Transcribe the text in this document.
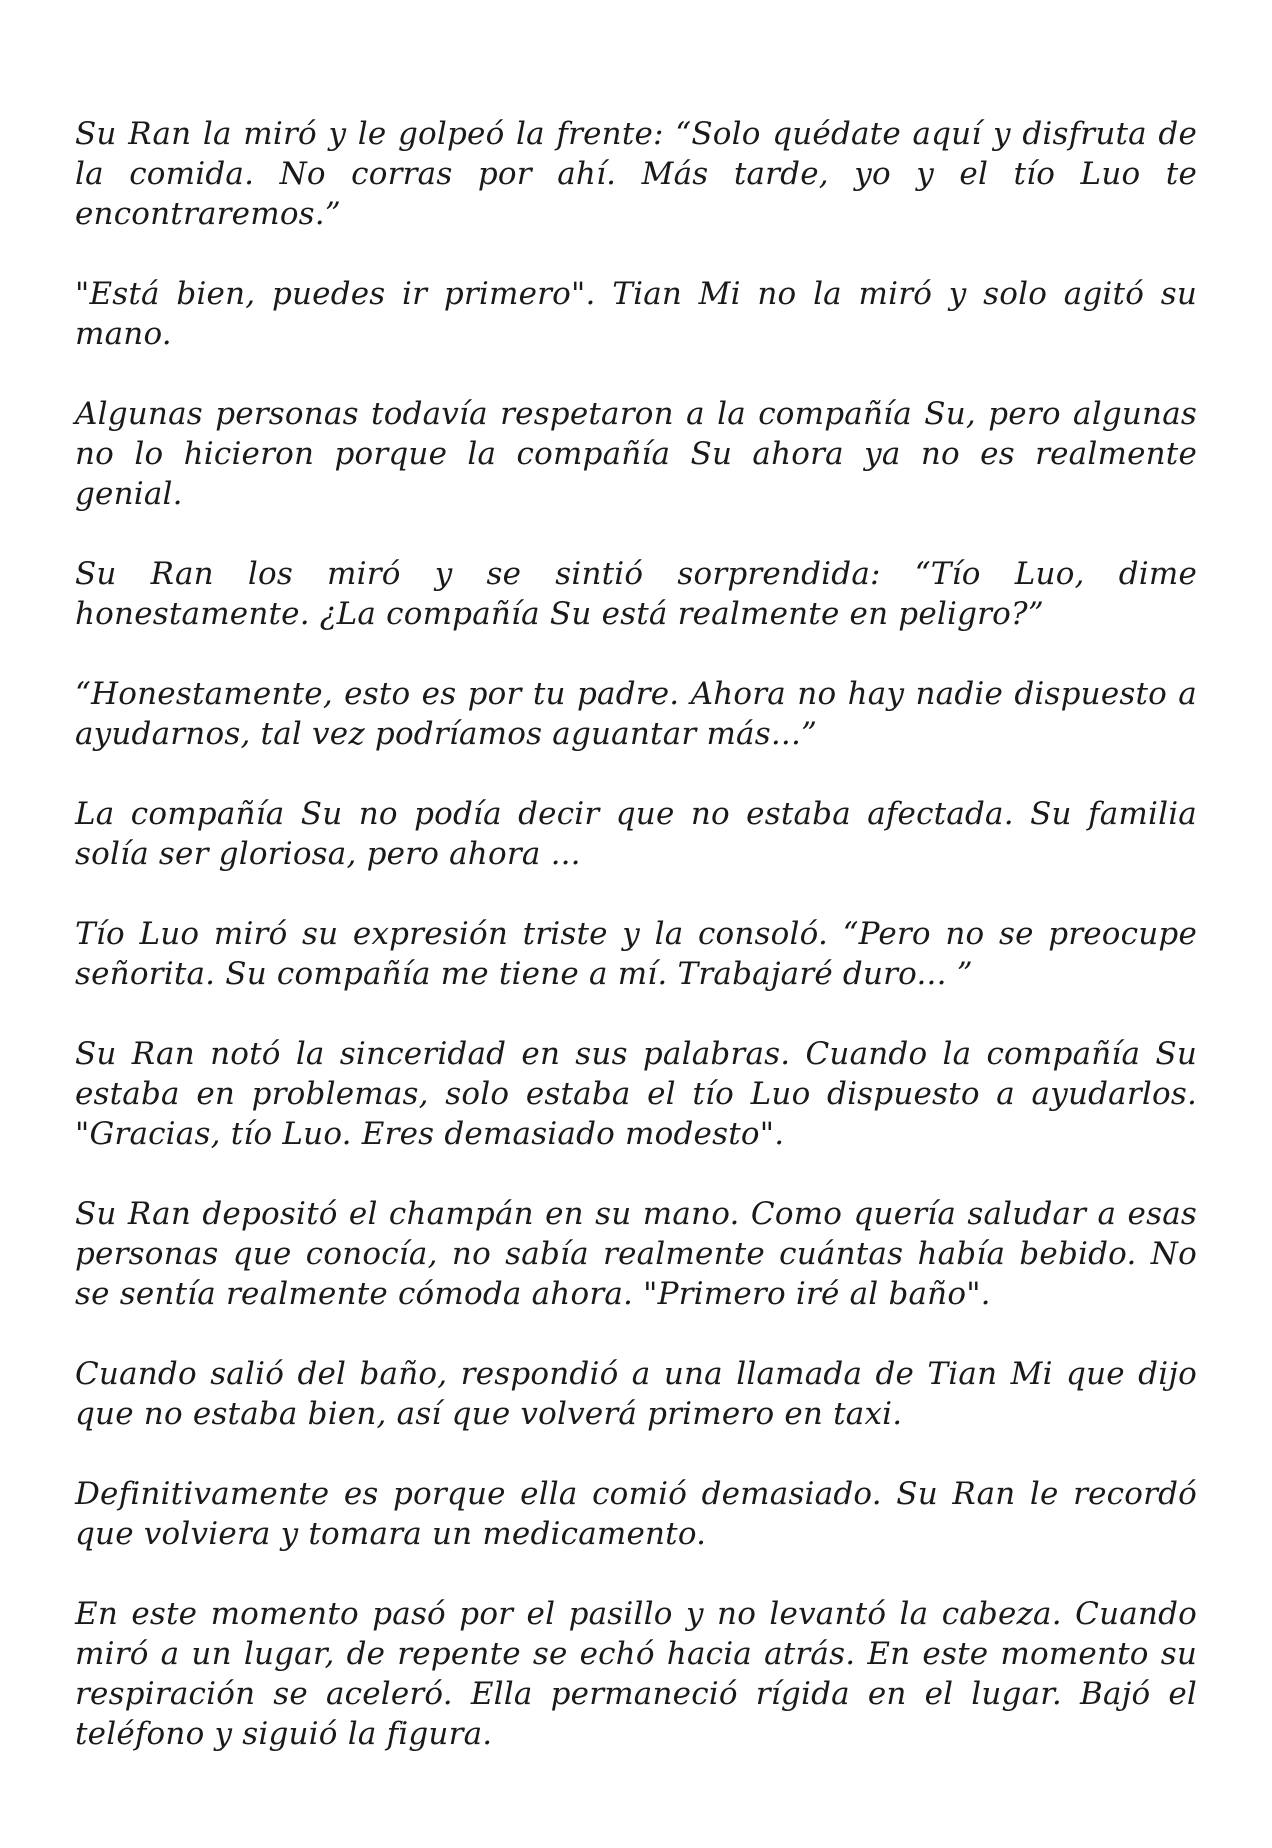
Su Ran la miró y le golpeó la frente: “Solo quédate aquí y disfruta de la comida. No corras por ahí. Más tarde, yo y el tío Luo te encontraremos.”

"Está bien, puedes ir primero". Tian Mi no la miró y solo agitó su mano.

Algunas personas todavía respetaron a la compañía Su, pero algunas no lo hicieron porque la compañía Su ahora ya no es realmente genial.

Su Ran los miró y se sintió sorprendida: “Tío Luo, dime honestamente. ¿La compañía Su está realmente en peligro?”

“Honestamente, esto es por tu padre. Ahora no hay nadie dispuesto a ayudarnos, tal vez podríamos aguantar más...”

La compañía Su no podía decir que no estaba afectada. Su familia solía ser gloriosa, pero ahora ...

Tío Luo miró su expresión triste y la consoló. “Pero no se preocupe señorita. Su compañía me tiene a mí. Trabajaré duro... ”

Su Ran notó la sinceridad en sus palabras. Cuando la compañía Su estaba en problemas, solo estaba el tío Luo dispuesto a ayudarlos. "Gracias, tío Luo. Eres demasiado modesto".

Su Ran depositó el champán en su mano. Como quería saludar a esas personas que conocía, no sabía realmente cuántas había bebido. No se sentía realmente cómoda ahora. "Primero iré al baño".

Cuando salió del baño, respondió a una llamada de Tian Mi que dijo que no estaba bien, así que volverá primero en taxi.

Definitivamente es porque ella comió demasiado. Su Ran le recordó que volviera y tomara un medicamento.

En este momento pasó por el pasillo y no levantó la cabeza. Cuando miró a un lugar, de repente se echó hacia atrás. En este momento su respiración se aceleró. Ella permaneció rígida en el lugar. Bajó el teléfono y siguió la figura.
